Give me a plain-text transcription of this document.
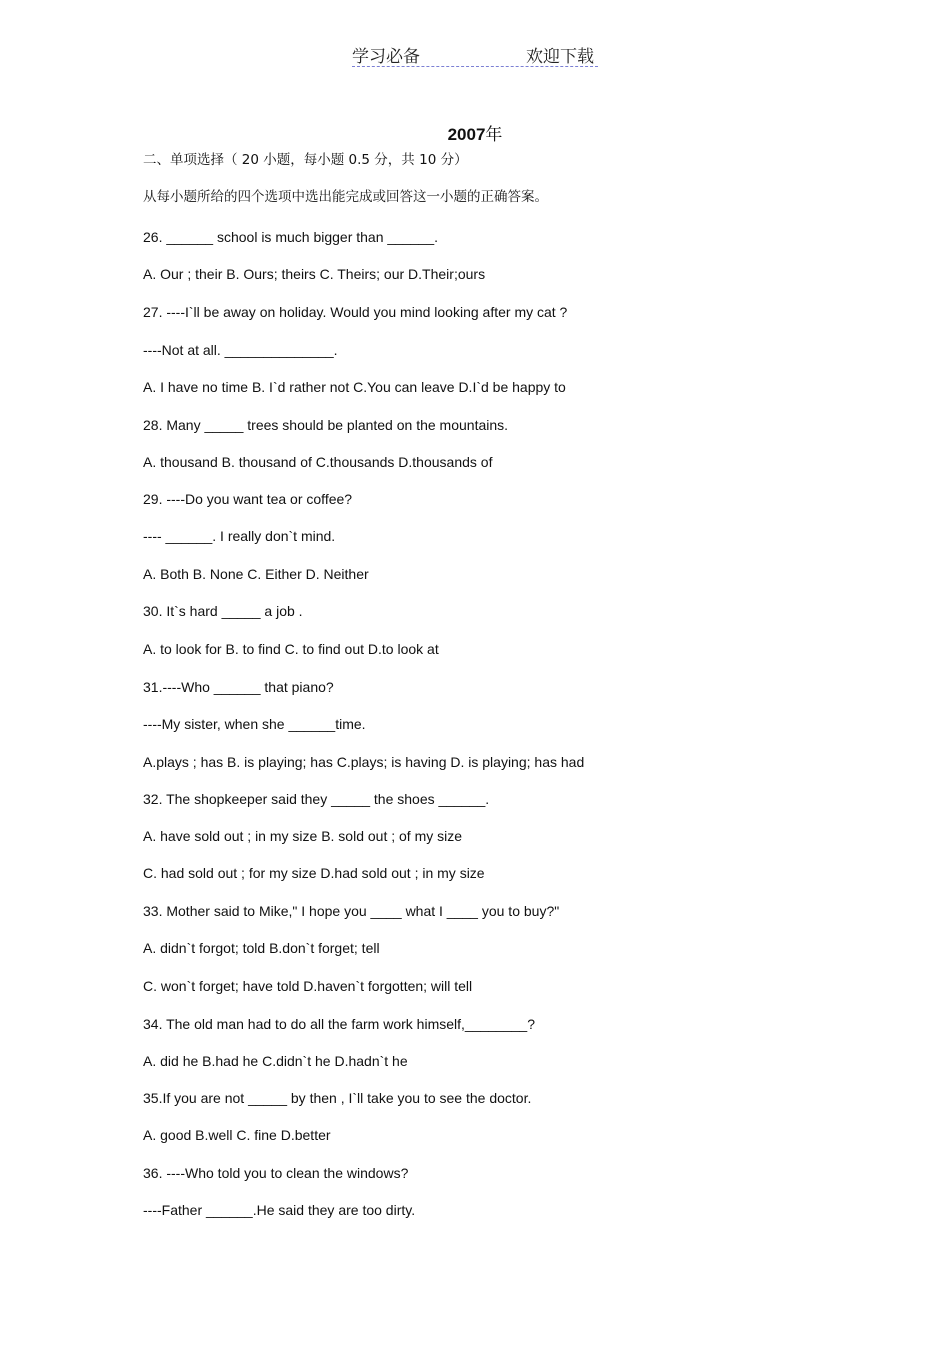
学习必备	欢迎下载
2007年
二、单项选择（ 20 小题，每小题 0.5 分，共 10 分）
从每小题所给的四个选项中选出能完成或回答这一小题的正确答案。
26. ______ school is much bigger than ______.
A. Our ; their B. Ours; theirs C. Theirs; our D.Their;ours
27. ----I`ll be away on holiday. Would you mind looking after my cat ?
----Not at all. ______________.
A. I have no time B. I`d rather not C.You can leave D.I`d be happy to
28. Many _____ trees should be planted on the mountains.
A. thousand B. thousand of C.thousands D.thousands of
29. ----Do you want tea or coffee?
---- ______. I really don`t mind.
A. Both B. None C. Either D. Neither
30. It`s hard _____ a job .
A. to look for B. to find C. to find out D.to look at
31.----Who ______ that piano?
----My sister, when she ______time.
A.plays ; has B. is playing; has C.plays; is having D. is playing; has had
32. The shopkeeper said they _____ the shoes ______.
A. have sold out ; in my size B. sold out ; of my size
C. had sold out ; for my size D.had sold out ; in my size
33. Mother said to Mike," I hope you ____ what I ____ you to buy?"
A. didn`t forgot; told B.don`t forget; tell
C. won`t forget; have told D.haven`t forgotten; will tell
34. The old man had to do all the farm work himself,________?
A. did he B.had he C.didn`t he D.hadn`t he
35.If you are not _____ by then , I`ll take you to see the doctor.
A. good B.well C. fine D.better
36. ----Who told you to clean the windows?
----Father ______.He said they are too dirty.
